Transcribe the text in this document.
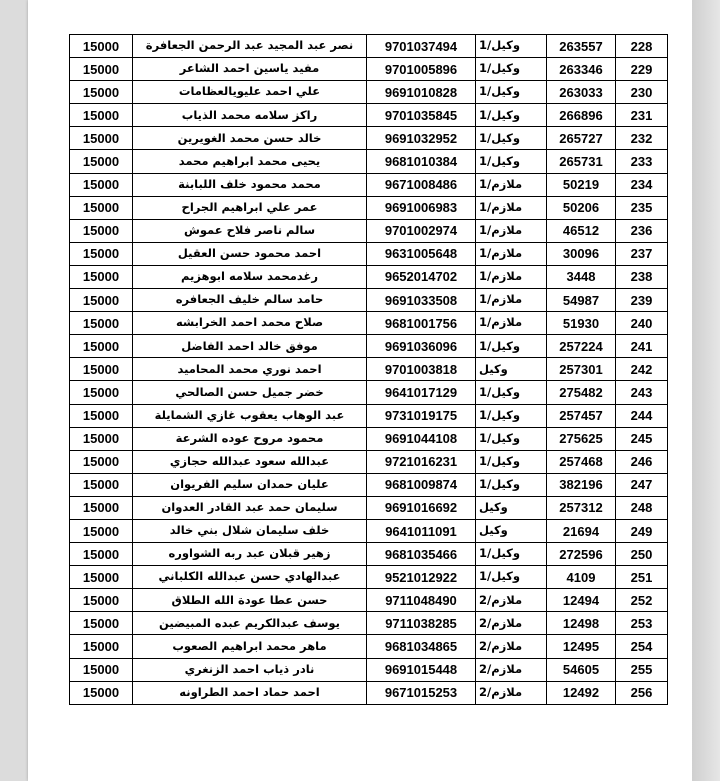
15000	نصر عبد المجيد عبد الرحمن الجعافرة	9701037494	وكيل/1	263557	228
15000	مفيد ياسين احمد الشاعر	9701005896	وكيل/1	263346	229
15000	علي احمد عليويالعظامات	9691010828	وكيل/1	263033	230
15000	راكز سلامه محمد الذياب	9701035845	وكيل/1	266896	231
15000	خالد حسن محمد الغويرين	9691032952	وكيل/1	265727	232
15000	يحيى محمد ابراهيم محمد	9681010384	وكيل/1	265731	233
15000	محمد محمود خلف اللبابنة	9671008486	ملازم/1	50219	234
15000	عمر علي ابراهيم الجراح	9691006983	ملازم/1	50206	235
15000	سالم ناصر فلاح عموش	9701002974	ملازم/1	46512	236
15000	احمد محمود حسن العقيل	9631005648	ملازم/1	30096	237
15000	رغدمحمد سلامه ابوهزيم	9652014702	ملازم/1	3448	238
15000	حامد سالم خليف الجعافره	9691033508	ملازم/1	54987	239
15000	صلاح محمد احمد الخرابشه	9681001756	ملازم/1	51930	240
15000	موفق خالد احمد الفاضل	9691036096	وكيل/1	257224	241
15000	احمد نوري محمد المحاميد	9701003818	وكيل	257301	242
15000	خضر جميل حسن الصالحي	9641017129	وكيل/1	275482	243
15000	عبد الوهاب يعقوب غازي الشمايلة	9731019175	وكيل/1	257457	244
15000	محمود مروح عوده الشرعة	9691044108	وكيل/1	275625	245
15000	عبدالله سعود عبدالله حجازي	9721016231	وكيل/1	257468	246
15000	عليان حمدان سليم الفريوان	9681009874	وكيل/1	382196	247
15000	سليمان حمد عبد القادر العدوان	9691016692	وكيل	257312	248
15000	خلف سليمان شلال بني خالد	9641011091	وكيل	21694	249
15000	زهير قبلان عبد ربه الشواوره	9681035466	وكيل/1	272596	250
15000	عبدالهادي حسن عبدالله الكلباني	9521012922	وكيل/1	4109	251
15000	حسن عطا عودة الله الطلاق	9711048490	ملازم/2	12494	252
15000	يوسف عبدالكريم عبده المبيضين	9711038285	ملازم/2	12498	253
15000	ماهر محمد ابراهيم الصعوب	9681034865	ملازم/2	12495	254
15000	نادر ذياب احمد الزنغري	9691015448	ملازم/2	54605	255
15000	احمد حماد احمد الطراونه	9671015253	ملازم/2	12492	256
